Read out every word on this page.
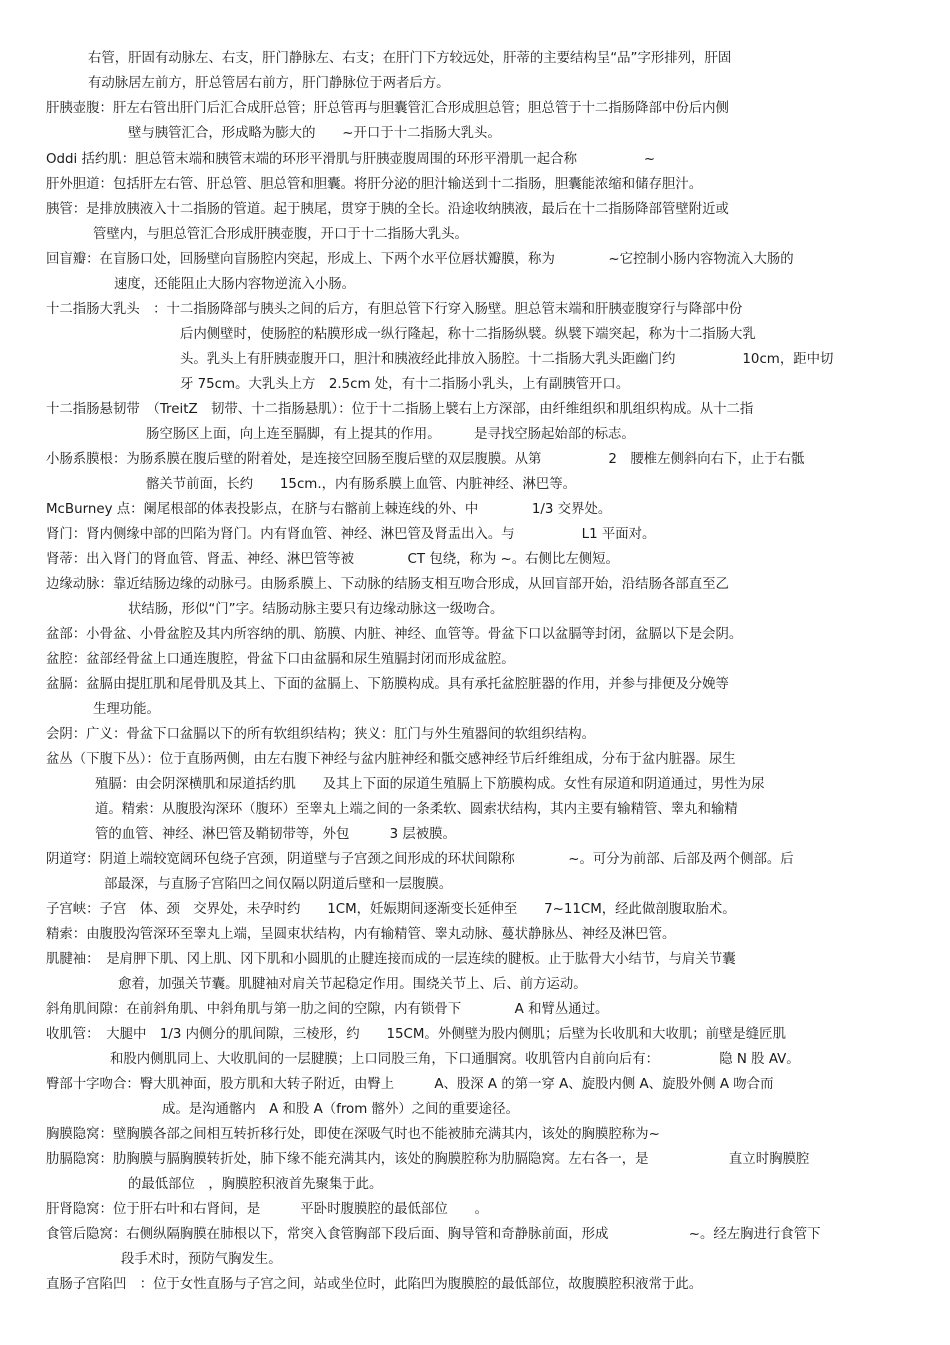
右管，肝固有动脉左、右支，肝门静脉左、右支；在肝门下方较远处，肝蒂的主要结构呈“品”字形排列，肝固
有动脉居左前方，肝总管居右前方，肝门静脉位于两者后方。
肝胰壶腹：肝左右管出肝门后汇合成肝总管；肝总管再与胆囊管汇合形成胆总管；胆总管于十二指肠降部中份后内侧
壁与胰管汇合，形成略为膨大的　　~开口于十二指肠大乳头。
Oddi 括约肌：胆总管末端和胰管末端的环形平滑肌与肝胰壶腹周围的环形平滑肌一起合称　　　　　~
肝外胆道：包括肝左右管、肝总管、胆总管和胆囊。将肝分泌的胆汁输送到十二指肠，胆囊能浓缩和储存胆汁。
胰管：是排放胰液入十二指肠的管道。起于胰尾，贯穿于胰的全长。沿途收纳胰液，最后在十二指肠降部管壁附近或
管壁内，与胆总管汇合形成肝胰壶腹，开口于十二指肠大乳头。
回盲瓣：在盲肠口处，回肠壁向盲肠腔内突起，形成上、下两个水平位唇状瓣膜，称为　　　　~它控制小肠内容物流入大肠的
速度，还能阻止大肠内容物逆流入小肠。
十二指肠大乳头　：十二指肠降部与胰头之间的后方，有胆总管下行穿入肠壁。胆总管末端和肝胰壶腹穿行与降部中份
后内侧壁时，使肠腔的粘膜形成一纵行隆起，称十二指肠纵襞。纵襞下端突起，称为十二指肠大乳
头。乳头上有肝胰壶腹开口，胆汁和胰液经此排放入肠腔。十二指肠大乳头距幽门约　　　　　10cm，距中切
牙 75cm。大乳头上方　2.5cm 处，有十二指肠小乳头，上有副胰管开口。
十二指肠悬韧带　（TreitZ　韧带、十二指肠悬肌）：位于十二指肠上襞右上方深部，由纤维组织和肌组织构成。从十二指
肠空肠区上面，向上连至膈脚，有上提其的作用。　　　是寻找空肠起始部的标志。
小肠系膜根：为肠系膜在腹后壁的附着处，是连接空回肠至腹后壁的双层腹膜。从第　　　　　2　腰椎左侧斜向右下，止于右骶
髂关节前面，长约　　15cm.，内有肠系膜上血管、内脏神经、淋巴等。
McBurney 点：阑尾根部的体表投影点，在脐与右髂前上棘连线的外、中　　　　1/3 交界处。
肾门：肾内侧缘中部的凹陷为肾门。内有肾血管、神经、淋巴管及肾盂出入。与　　　　　L1 平面对。
肾蒂：出入肾门的肾血管、肾盂、神经、淋巴管等被　　　　CT 包绕，称为 ~。右侧比左侧短。
边缘动脉：靠近结肠边缘的动脉弓。由肠系膜上、下动脉的结肠支相互吻合形成，从回盲部开始，沿结肠各部直至乙
状结肠，形似“门”字。结肠动脉主要只有边缘动脉这一级吻合。
盆部：小骨盆、小骨盆腔及其内所容纳的肌、筋膜、内脏、神经、血管等。骨盆下口以盆膈等封闭，盆膈以下是会阴。
盆腔：盆部经骨盆上口通连腹腔，骨盆下口由盆膈和尿生殖膈封闭而形成盆腔。
盆膈：盆膈由提肛肌和尾骨肌及其上、下面的盆膈上、下筋膜构成。具有承托盆腔脏器的作用，并参与排便及分娩等
生理功能。
会阴：广义：骨盆下口盆膈以下的所有软组织结构；狭义：肛门与外生殖器间的软组织结构。
盆丛（下腹下丛）：位于直肠两侧，由左右腹下神经与盆内脏神经和骶交感神经节后纤维组成，分布于盆内脏器。尿生
殖膈：由会阴深横肌和尿道括约肌　　及其上下面的尿道生殖膈上下筋膜构成。女性有尿道和阴道通过，男性为尿
道。精索：从腹股沟深环（腹环）至睾丸上端之间的一条柔软、圆索状结构，其内主要有输精管、睾丸和输精
管的血管、神经、淋巴管及鞘韧带等，外包　　　3 层被膜。
阴道穹：阴道上端较宽阔环包绕子宫颈，阴道壁与子宫颈之间形成的环状间隙称　　　　~。可分为前部、后部及两个侧部。后
部最深，与直肠子宫陷凹之间仅隔以阴道后壁和一层腹膜。
子宫峡：子宫　体、颈　交界处，未孕时约　　1CM，妊娠期间逐渐变长延伸至　　7~11CM，经此做剖腹取胎术。
精索：由腹股沟管深环至睾丸上端，呈圆束状结构，内有输精管、睾丸动脉、蔓状静脉丛、神经及淋巴管。
肌腱袖：　是肩胛下肌、冈上肌、冈下肌和小圆肌的止腱连接而成的一层连续的腱板。止于肱骨大小结节，与肩关节囊
愈着，加强关节囊。肌腱袖对肩关节起稳定作用。围绕关节上、后、前方运动。
斜角肌间隙：在前斜角肌、中斜角肌与第一肋之间的空隙，内有锁骨下　　　　A 和臂丛通过。
收肌管：　大腿中　1/3 内侧分的肌间隙，三棱形，约　　15CM。外侧壁为股内侧肌；后壁为长收肌和大收肌；前壁是缝匠肌
和股内侧肌同上、大收肌间的一层腱膜；上口同股三角，下口通腘窝。收肌管内自前向后有：　　　　　隐 N 股 AV。
臀部十字吻合：臀大肌神面，股方肌和大转子附近，由臀上　　　A、股深 A 的第一穿 A、旋股内侧 A、旋股外侧 A 吻合而
成。是沟通髂内　A 和股 A（from 髂外）之间的重要途径。
胸膜隐窝：壁胸膜各部之间相互转折移行处，即使在深吸气时也不能被肺充满其内，该处的胸膜腔称为~
肋膈隐窝：肋胸膜与膈胸膜转折处，肺下缘不能充满其内，该处的胸膜腔称为肋膈隐窝。左右各一，是　　　　　　直立时胸膜腔
的最低部位　，胸膜腔积液首先聚集于此。
肝肾隐窝：位于肝右叶和右肾间，是　　　平卧时腹膜腔的最低部位　　。
食管后隐窝：右侧纵隔胸膜在肺根以下，常突入食管胸部下段后面、胸导管和奇静脉前面，形成　　　　　　~。经左胸进行食管下
段手术时，预防气胸发生。
直肠子宫陷凹　：位于女性直肠与子宫之间，站或坐位时，此陷凹为腹膜腔的最低部位，故腹膜腔积液常于此。
